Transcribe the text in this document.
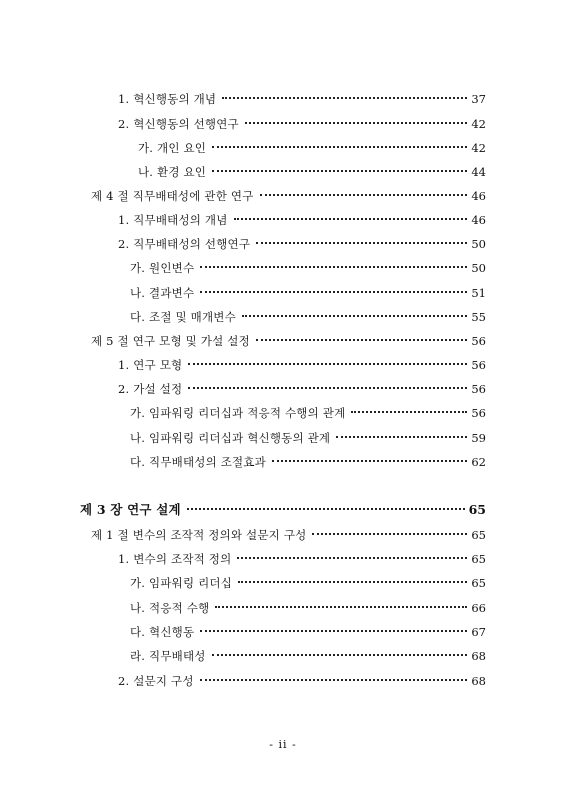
1. 혁신행동의 개념	37
2. 혁신행동의 선행연구	42
가. 개인 요인	42
나. 환경 요인	44
제 4 절 직무배태성에 관한 연구	46
1. 직무배태성의 개념	46
2. 직무배태성의 선행연구	50
가. 원인변수	50
나. 결과변수	51
다. 조절 및 매개변수	55
제 5 절 연구 모형 및 가설 설정	56
1. 연구 모형	56
2. 가설 설정	56
가. 임파워링 리더십과 적응적 수행의 관계	56
나. 임파워링 리더십과 혁신행동의 관계	59
다. 직무배태성의 조절효과	62
제 3 장 연구 설계	65
제 1 절 변수의 조작적 정의와 설문지 구성	65
1. 변수의 조작적 정의	65
가. 임파워링 리더십	65
나. 적응적 수행	66
다. 혁신행동	67
라. 직무배태성	68
2. 설문지 구성	68
- ii -
